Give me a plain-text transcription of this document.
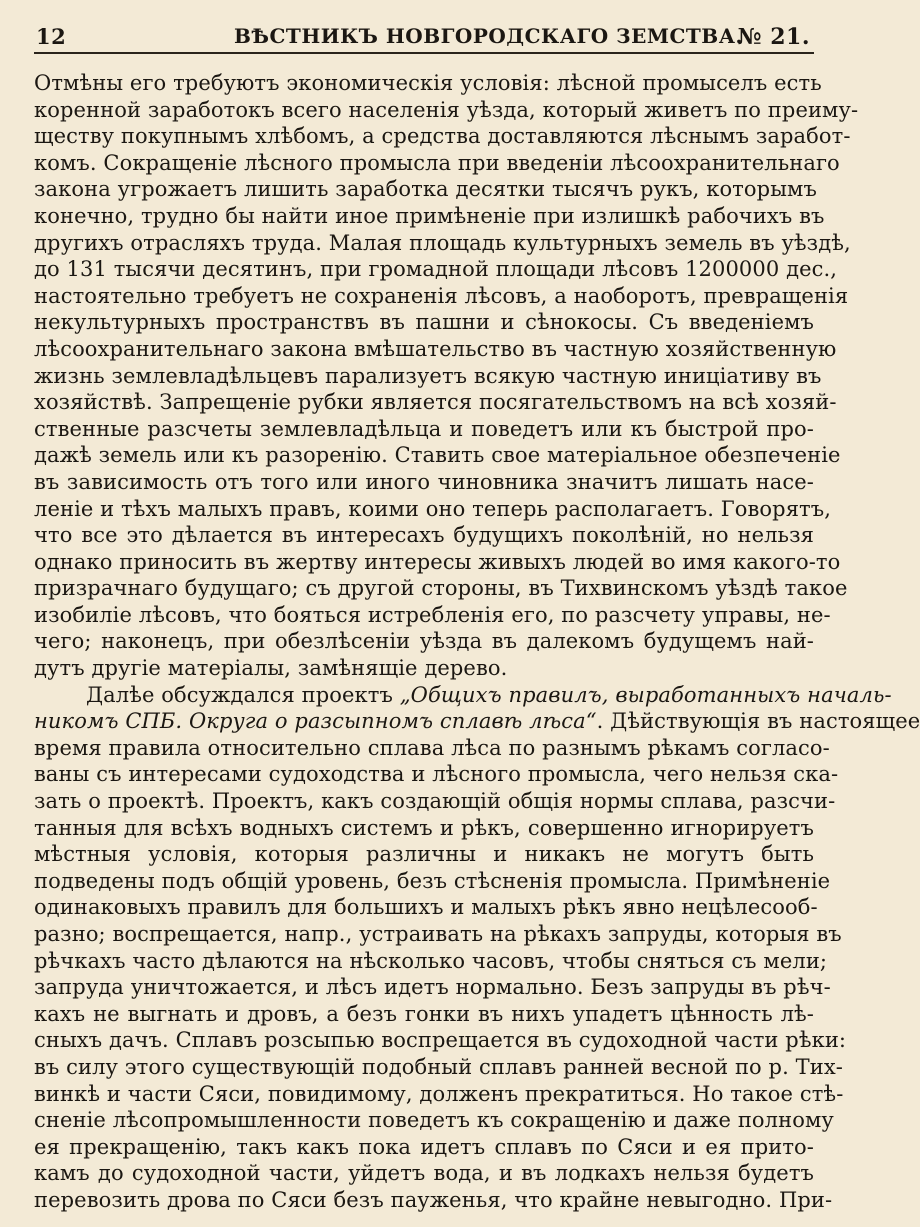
12	ВѢСТНИКЪ НОВГОРОДСКАГО ЗЕМСТВА.
№ 21.
Отмѣны его требуютъ экономическія условія: лѣсной промыселъ есть
коренной заработокъ всего населенія уѣзда, который живетъ по преиму-
ществу покупнымъ хлѣбомъ, а средства доставляются лѣснымъ заработ-
комъ. Сокращеніе лѣсного промысла при введеніи лѣсоохранительнаго
закона угрожаетъ лишить заработка десятки тысячъ рукъ, которымъ
конечно, трудно бы найти иное примѣненіе при излишкѣ рабочихъ въ
другихъ отрасляхъ труда. Малая площадь культурныхъ земель въ уѣздѣ,
до 131 тысячи десятинъ, при громадной площади лѣсовъ 1200000 дес.,
настоятельно требуетъ не сохраненія лѣсовъ, а наоборотъ, превращенія
некультурныхъ пространствъ въ пашни и сѣнокосы. Съ введеніемъ
лѣсоохранительнаго закона вмѣшательство въ частную хозяйственную
жизнь землевладѣльцевъ парализуетъ всякую частную иниціативу въ
хозяйствѣ. Запрещеніе рубки является посягательствомъ на всѣ хозяй-
ственные разсчеты землевладѣльца и поведетъ или къ быстрой про-
дажѣ земель или къ разоренію. Ставить свое матеріальное обезпеченіе
въ зависимость отъ того или иного чиновника значитъ лишать насе-
леніе и тѣхъ малыхъ правъ, коими оно теперь располагаетъ. Говорятъ,
что все это дѣлается въ интересахъ будущихъ поколѣній, но нельзя
однако приносить въ жертву интересы живыхъ людей во имя какого-то
призрачнаго будущаго; съ другой стороны, въ Тихвинскомъ уѣздѣ такое
изобиліе лѣсовъ, что бояться истребленія его, по разсчету управы, не-
чего; наконецъ, при обезлѣсеніи уѣзда въ далекомъ будущемъ най-
дутъ другіе матеріалы, замѣнящіе дерево.
Далѣе обсуждался проектъ „Общихъ правилъ, выработанныхъ началь-
никомъ СПБ. Округа о разсыпномъ сплавѣ лѣса“. Дѣйствующія въ настоящее
время правила относительно сплава лѣса по разнымъ рѣкамъ согласо-
ваны съ интересами судоходства и лѣсного промысла, чего нельзя ска-
зать о проектѣ. Проектъ, какъ создающій общія нормы сплава, разсчи-
танныя для всѣхъ водныхъ системъ и рѣкъ, совершенно игнорируетъ
мѣстныя условія, которыя различны и никакъ не могутъ быть
подведены подъ общій уровень, безъ стѣсненія промысла. Примѣненіе
одинаковыхъ правилъ для большихъ и малыхъ рѣкъ явно нецѣлесооб-
разно; воспрещается, напр., устраивать на рѣкахъ запруды, которыя въ
рѣчкахъ часто дѣлаются на нѣсколько часовъ, чтобы сняться съ мели;
запруда уничтожается, и лѣсъ идетъ нормально. Безъ запруды въ рѣч-
кахъ не выгнать и дровъ, а безъ гонки въ нихъ упадетъ цѣнность лѣ-
сныхъ дачъ. Сплавъ розсыпью воспрещается въ судоходной части рѣки:
въ силу этого существующій подобный сплавъ ранней весной по р. Тих-
винкѣ и части Сяси, повидимому, долженъ прекратиться. Но такое стѣ-
сненіе лѣсопромышленности поведетъ къ сокращенію и даже полному
ея прекращенію, такъ какъ пока идетъ сплавъ по Сяси и ея прито-
камъ до судоходной части, уйдетъ вода, и въ лодкахъ нельзя будетъ
перевозить дрова по Сяси безъ пауженья, что крайне невыгодно. При-
